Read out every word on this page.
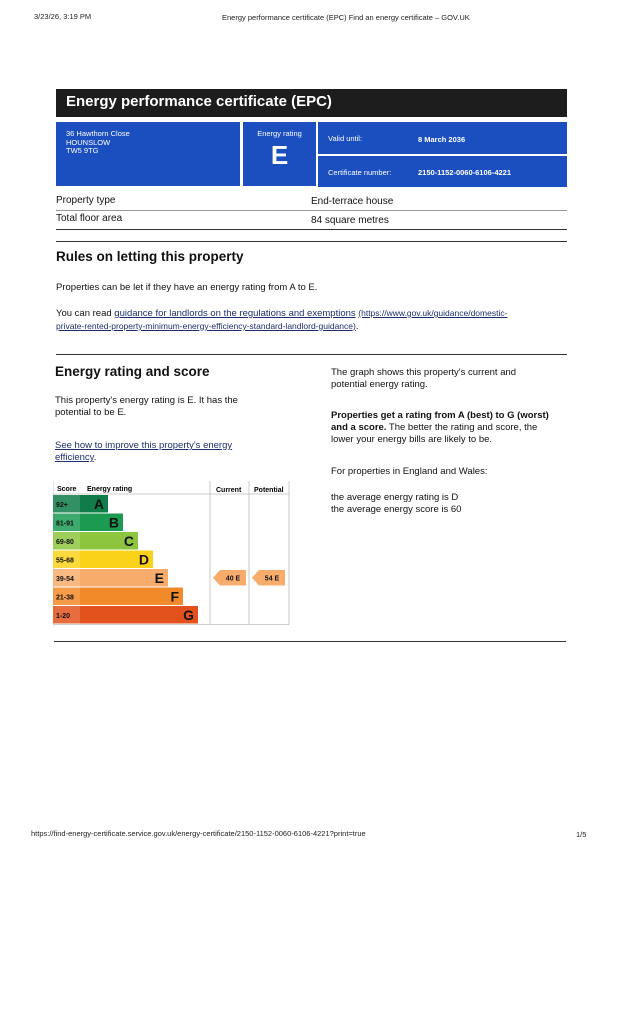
3/23/26, 3:19 PM	Energy performance certificate (EPC) Find an energy certificate – GOV.UK
Energy performance certificate (EPC)
36 Hawthorn Close
HOUNSLOW
TW5 9TG
Energy rating
E
Valid until:	8 March 2036
Certificate number:	2150-1152-0060-6106-4221
Property type	End-terrace house
Total floor area	84 square metres
Rules on letting this property
Properties can be let if they have an energy rating from A to E.
You can read guidance for landlords on the regulations and exemptions (https://www.gov.uk/guidance/domestic-
private-rented-property-minimum-energy-efficiency-standard-landlord-guidance).
Energy rating and score
This property's energy rating is E. It has the
potential to be E.
See how to improve this property's energy
efficiency.
The graph shows this property's current and
potential energy rating.
Properties get a rating from A (best) to G (worst)
and a score. The better the rating and score, the
lower your energy bills are likely to be.
For properties in England and Wales:
the average energy rating is D
the average energy score is 60
Score Energy rating	Current Potential
92+ A
81-91 B
69-80	C
55-68	D
39-54	E
21-38	F
1-20	G
40 E	54 E
https://find-energy-certificate.service.gov.uk/energy-certificate/2150-1152-0060-6106-4221?print=true	1/5
